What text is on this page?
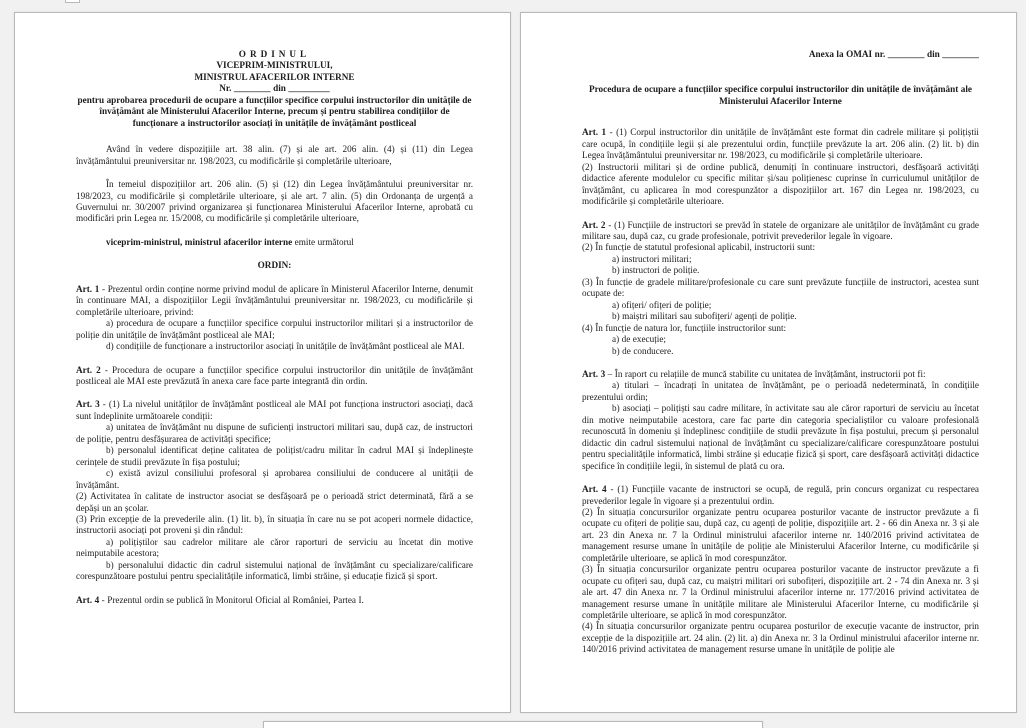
ORDINUL

VICEPRIM-MINISTRULUI,

MINISTRUL AFACERILOR INTERNE

Nr. ________ din _________

pentru aprobarea procedurii de ocupare a funcțiilor specifice corpului instructorilor din unitățile de învățământ ale Ministerului Afacerilor Interne, precum și pentru stabilirea condițiilor de funcționare a instructorilor asociați în unitățile de învățământ postliceal

Având în vedere dispozițiile art. 38 alin. (7) și ale art. 206 alin. (4) și (11) din Legea învățământului preuniversitar nr. 198/2023, cu modificările și completările ulterioare,

În temeiul dispozițiilor art. 206 alin. (5) și (12) din Legea învățământului preuniversitar nr. 198/2023, cu modificările și completările ulterioare, și ale art. 7 alin. (5) din Ordonanța de urgență a Guvernului nr. 30/2007 privind organizarea și funcționarea Ministerului Afacerilor Interne, aprobată cu modificări prin Legea nr. 15/2008, cu modificările și completările ulterioare,

viceprim-ministrul, ministrul afacerilor interne emite următorul

ORDIN:

Art. 1 - Prezentul ordin conține norme privind modul de aplicare în Ministerul Afacerilor Interne, denumit în continuare MAI, a dispozițiilor Legii învățământului preuniversitar nr. 198/2023, cu modificările și completările ulterioare, privind:

a) procedura de ocupare a funcțiilor specifice corpului instructorilor militari și a instructorilor de poliție din unitățile de învățământ postliceal ale MAI;

d) condițiile de funcționare a instructorilor asociați în unitățile de învățământ postliceal ale MAI.

Art. 2 - Procedura de ocupare a funcțiilor specifice corpului instructorilor din unitățile de învățământ postliceal ale MAI este prevăzută în anexa care face parte integrantă din ordin.

Art. 3 - (1) La nivelul unităților de învățământ postliceal ale MAI pot funcționa instructori asociați, dacă sunt îndeplinite următoarele condiții:

a) unitatea de învățământ nu dispune de suficienți instructori militari sau, după caz, de instructori de poliție, pentru desfășurarea de activități specifice;

b) personalul identificat deține calitatea de polițist/cadru militar în cadrul MAI și îndeplinește cerințele de studii prevăzute în fișa postului;

c) există avizul consiliului profesoral și aprobarea consiliului de conducere al unității de învățământ.

(2) Activitatea în calitate de instructor asociat se desfășoară pe o perioadă strict determinată, fără a se depăși un an școlar.

(3) Prin excepție de la prevederile alin. (1) lit. b), în situația în care nu se pot acoperi normele didactice, instructorii asociați pot proveni și din rândul:

a) polițiștilor sau cadrelor militare ale căror raporturi de serviciu au încetat din motive neimputabile acestora;

b) personalului didactic din cadrul sistemului național de învățământ cu specializare/calificare corespunzătoare postului pentru specialitățile informatică, limbi străine, și educație fizică și sport.

Art. 4 - Prezentul ordin se publică în Monitorul Oficial al României, Partea I.

Anexa la OMAI nr. ________ din ________

Procedura de ocupare a funcțiilor specifice corpului instructorilor din unitățile de învățământ ale Ministerului Afacerilor Interne

Art. 1 - (1) Corpul instructorilor din unitățile de învățământ este format din cadrele militare și polițiștii care ocupă, în condițiile legii și ale prezentului ordin, funcțiile prevăzute la art. 206 alin. (2) lit. b) din Legea învățământului preuniversitar nr. 198/2023, cu modificările și completările ulterioare.

(2) Instructorii militari și de ordine publică, denumiți în continuare instructori, desfășoară activități didactice aferente modulelor cu specific militar și/sau polițienesc cuprinse în curriculumul unităților de învățământ, cu aplicarea în mod corespunzător a dispozițiilor art. 167 din Legea nr. 198/2023, cu modificările și completările ulterioare.

Art. 2 - (1) Funcțiile de instructori se prevăd în statele de organizare ale unităților de învățământ cu grade militare sau, după caz, cu grade profesionale, potrivit prevederilor legale în vigoare.

(2) În funcție de statutul profesional aplicabil, instructorii sunt:

a) instructori militari;

b) instructori de poliție.

(3) În funcție de gradele militare/profesionale cu care sunt prevăzute funcțiile de instructori, acestea sunt ocupate de:

a) ofițeri/ ofițeri de poliție;

b) maiștri militari sau subofițeri/ agenți de poliție.

(4) În funcție de natura lor, funcțiile instructorilor sunt:

a) de execuție;

b) de conducere.

Art. 3 – În raport cu relațiile de muncă stabilite cu unitatea de învățământ, instructorii pot fi:

a) titulari – încadrați în unitatea de învățământ, pe o perioadă nedeterminată, în condițiile prezentului ordin;

b) asociați – polițiști sau cadre militare, în activitate sau ale căror raporturi de serviciu au încetat din motive neimputabile acestora, care fac parte din categoria specialiștilor cu valoare profesională recunoscută în domeniu și îndeplinesc condițiile de studii prevăzute în fișa postului, precum și personalul didactic din cadrul sistemului național de învățământ cu specializare/calificare corespunzătoare postului pentru specialitățile informatică, limbi străine și educație fizică și sport, care desfășoară activități didactice specifice în condițiile legii, în sistemul de plată cu ora.

Art. 4 - (1) Funcțiile vacante de instructori se ocupă, de regulă, prin concurs organizat cu respectarea prevederilor legale în vigoare și a prezentului ordin.

(2) În situația concursurilor organizate pentru ocuparea posturilor vacante de instructor prevăzute a fi ocupate cu ofițeri de poliție sau, după caz, cu agenți de poliție, dispozițiile art. 2 - 66 din Anexa nr. 3 și ale art. 23 din Anexa nr. 7 la Ordinul ministrului afacerilor interne nr. 140/2016 privind activitatea de management resurse umane în unitățile de poliție ale Ministerului Afacerilor Interne, cu modificările și completările ulterioare, se aplică în mod corespunzător.

(3) În situația concursurilor organizate pentru ocuparea posturilor vacante de instructor prevăzute a fi ocupate cu ofițeri sau, după caz, cu maiștri militari ori subofițeri, dispozițiile art. 2 - 74 din Anexa nr. 3 și ale art. 47 din Anexa nr. 7 la Ordinul ministrului afacerilor interne nr. 177/2016 privind activitatea de management resurse umane în unitățile militare ale Ministerului Afacerilor Interne, cu modificările și completările ulterioare, se aplică în mod corespunzător.

(4) În situația concursurilor organizate pentru ocuparea posturilor de execuție vacante de instructor, prin excepție de la dispozițiile art. 24 alin. (2) lit. a) din Anexa nr. 3 la Ordinul ministrului afacerilor interne nr. 140/2016 privind activitatea de management resurse umane în unitățile de poliție ale
